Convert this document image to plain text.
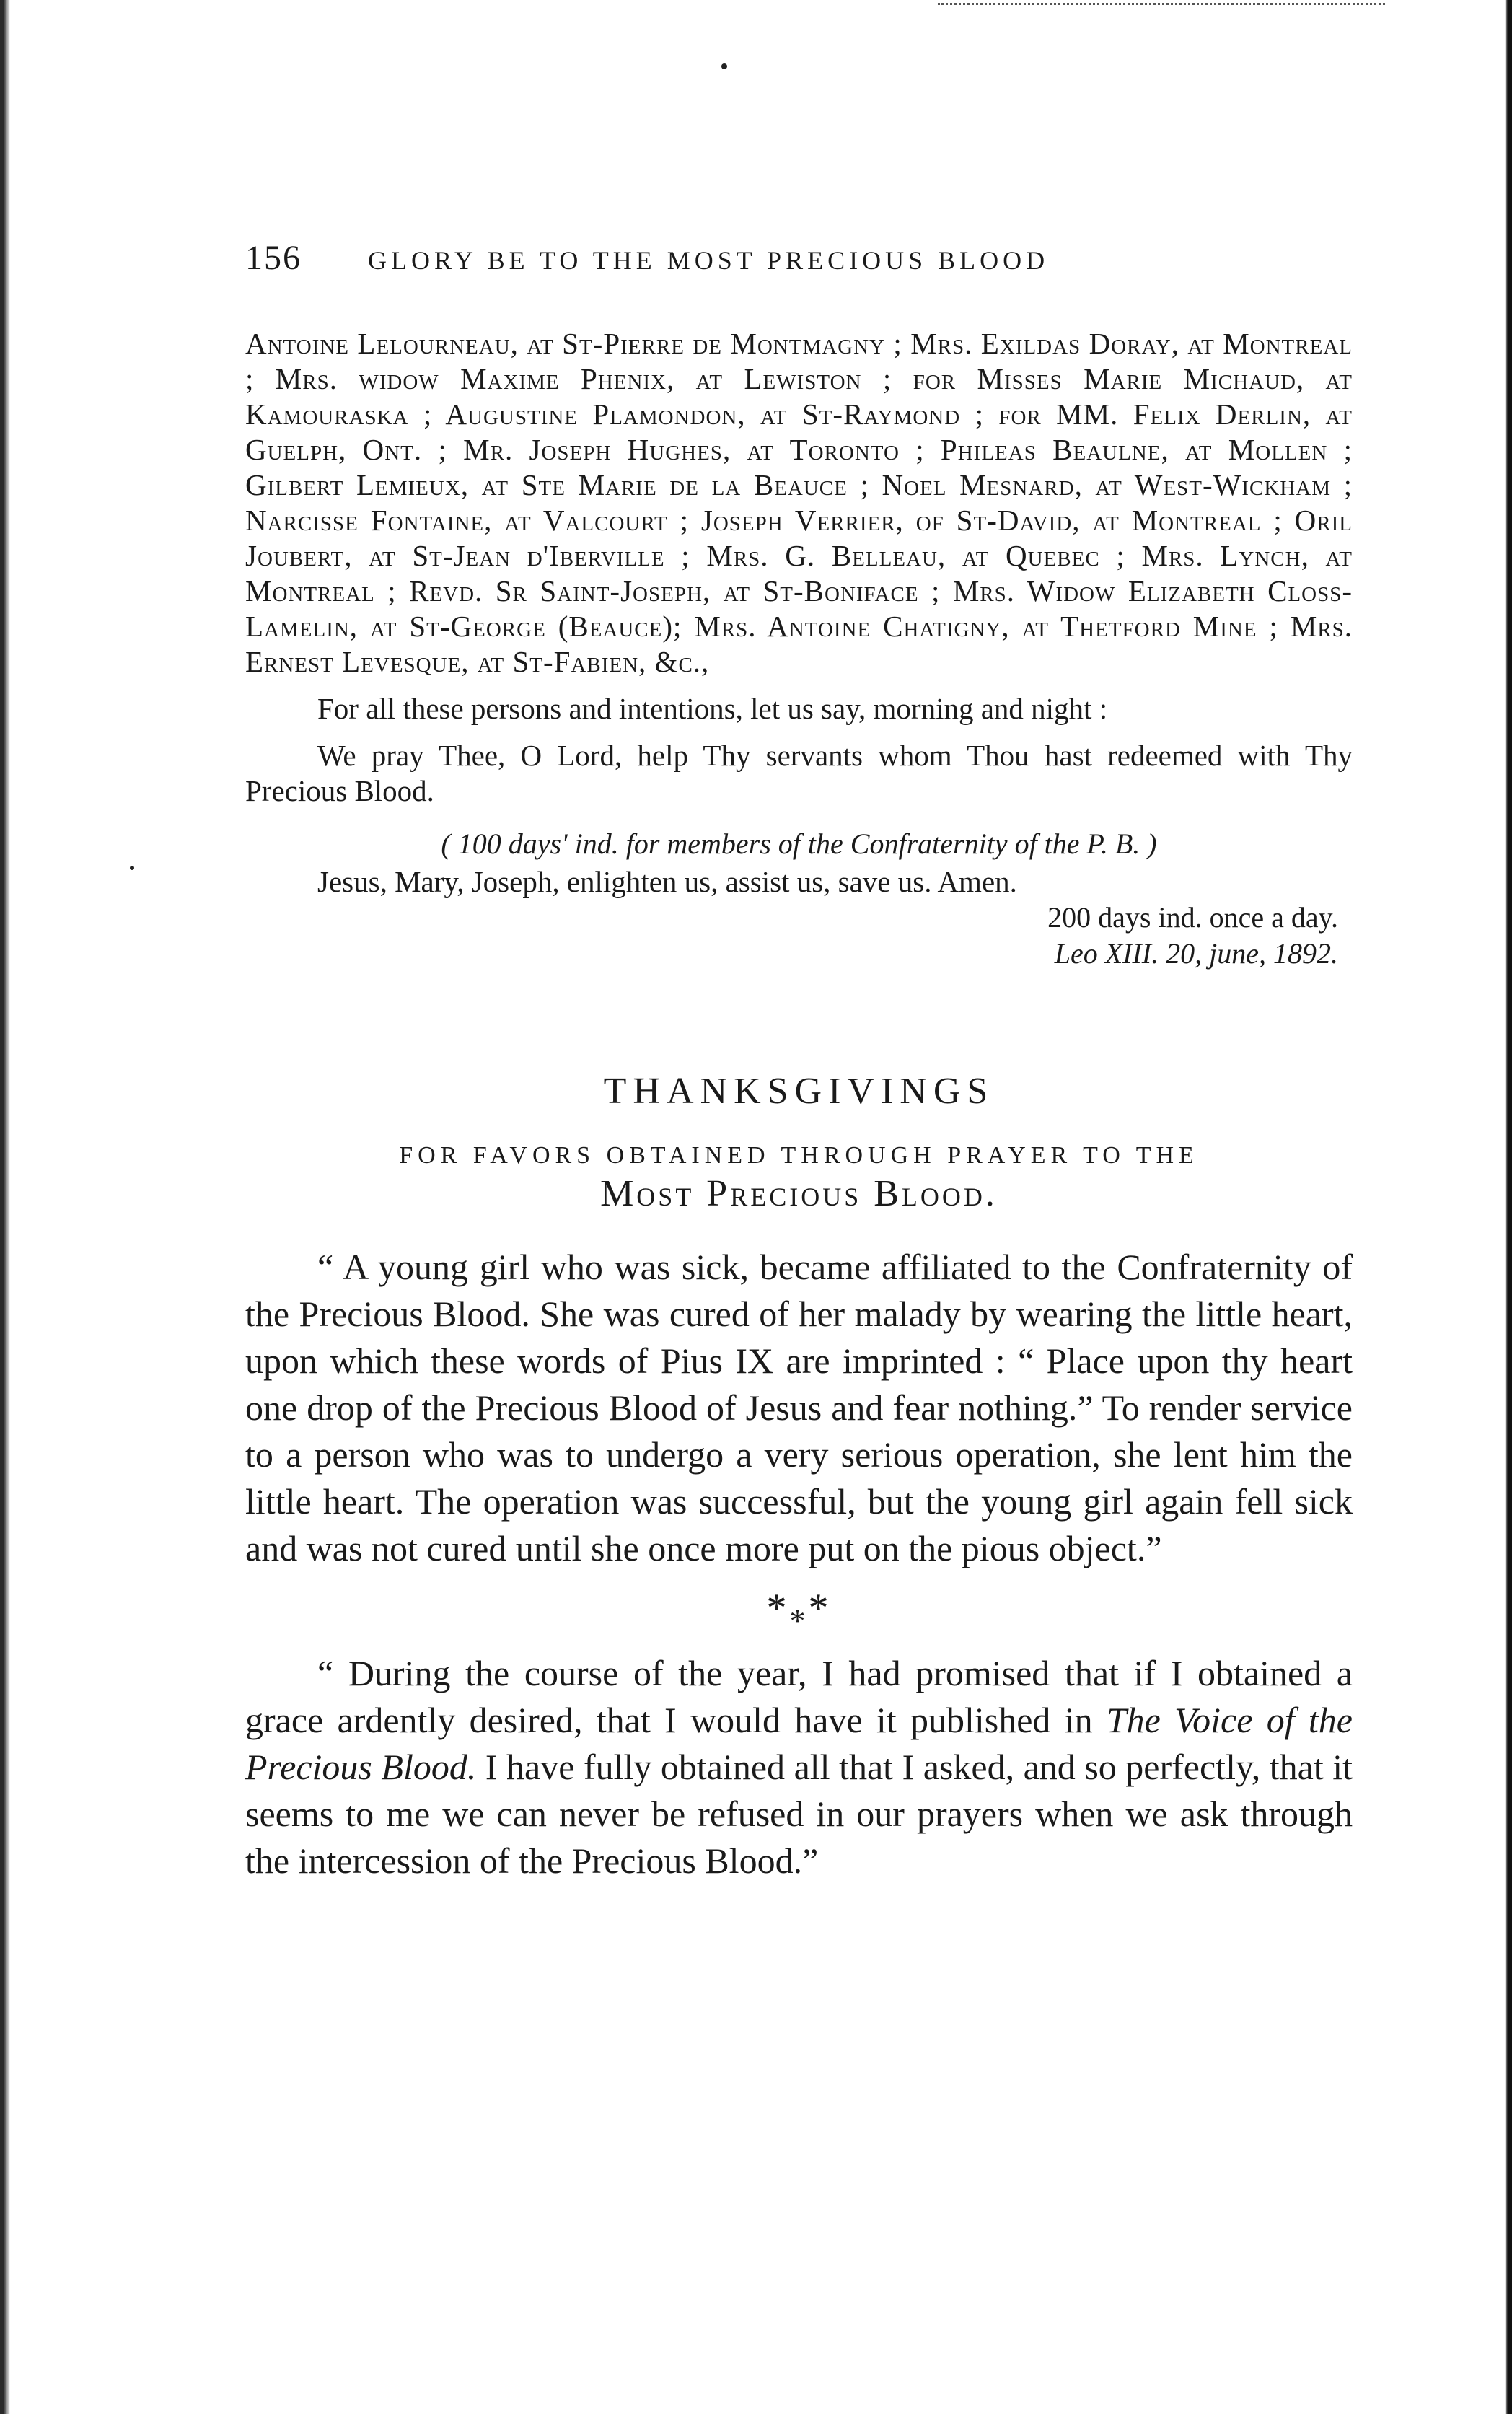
156	GLORY BE TO THE MOST PRECIOUS BLOOD

Antoine Lelourneau, at St-Pierre de Montmagny ; Mrs. Exildas Doray, at Montreal ; Mrs. widow Maxime Phenix, at Lewiston ; for Misses Marie Michaud, at Kamouraska ; Augustine Plamondon, at St-Raymond ; for MM. Felix Derlin, at Guelph, Ont. ; Mr. Joseph Hughes, at Toronto ; Phileas Beaulne, at Mollen ; Gilbert Lemieux, at Ste Marie de la Beauce ; Noel Mesnard, at West-Wickham ; Narcisse Fontaine, at Valcourt ; Joseph Verrier, of St-David, at Montreal ; Oril Joubert, at St-Jean d'Iberville ; Mrs. G. Belleau, at Quebec ; Mrs. Lynch, at Montreal ; Revd. Sr Saint-Joseph, at St-Boniface ; Mrs. Widow Elizabeth Closs-Lamelin, at St-George (Beauce); Mrs. Antoine Chatigny, at Thetford Mine ; Mrs. Ernest Levesque, at St-Fabien, &c.,

For all these persons and intentions, let us say, morning and night :

We pray Thee, O Lord, help Thy servants whom Thou hast redeemed with Thy Precious Blood.

( 100 days' ind. for members of the Confraternity of the P. B. )

Jesus, Mary, Joseph, enlighten us, assist us, save us. Amen.

200 days ind. once a day.

Leo XIII. 20, june, 1892.

THANKSGIVINGS

FOR FAVORS OBTAINED THROUGH PRAYER TO THE

Most Precious Blood.

“ A young girl who was sick, became affiliated to the Confraternity of the Precious Blood. She was cured of her malady by wearing the little heart, upon which these words of Pius IX are imprinted : “ Place upon thy heart one drop of the Precious Blood of Jesus and fear nothing.” To render service to a person who was to undergo a very serious operation, she lent him the little heart. The operation was successful, but the young girl again fell sick and was not cured until she once more put on the pious object.”

$*_**$

“ During the course of the year, I had promised that if I obtained a grace ardently desired, that I would have it published in The Voice of the Precious Blood. I have fully obtained all that I asked, and so perfectly, that it seems to me we can never be refused in our prayers when we ask through the intercession of the Precious Blood.”
